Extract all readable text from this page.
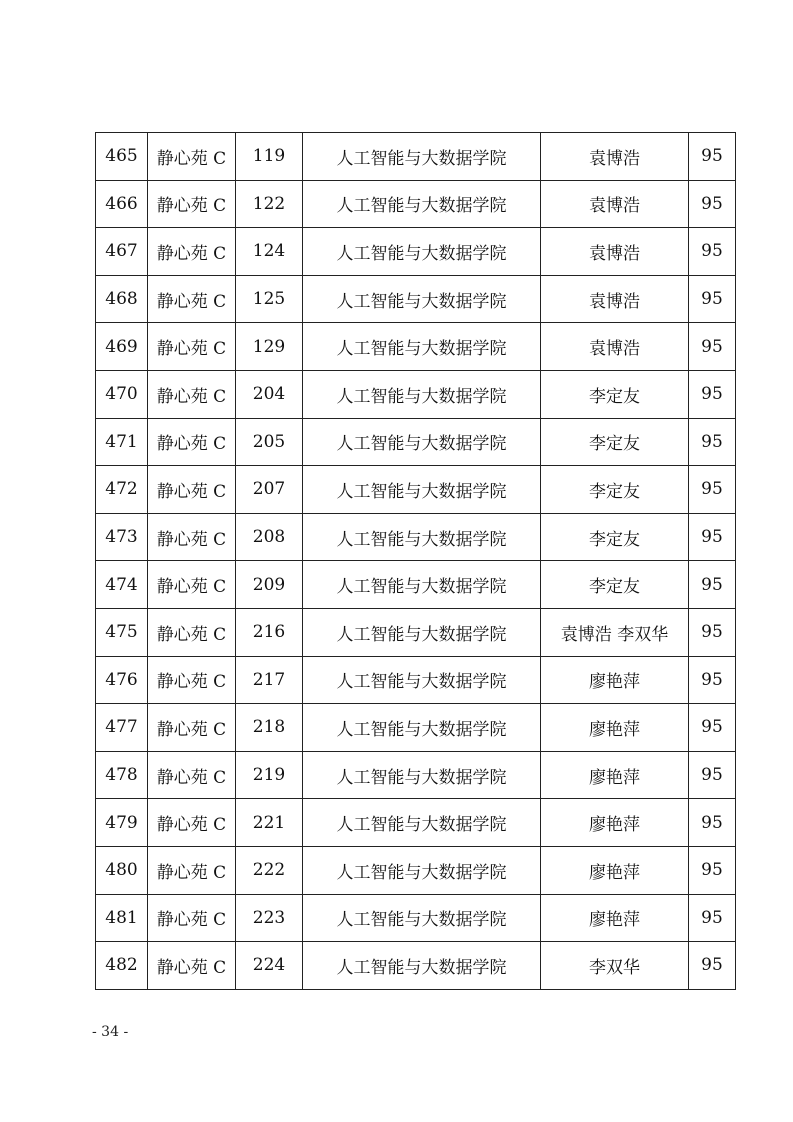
465	静心苑 C	119	人工智能与大数据学院	袁博浩	95
466	静心苑 C	122	人工智能与大数据学院	袁博浩	95
467	静心苑 C	124	人工智能与大数据学院	袁博浩	95
468	静心苑 C	125	人工智能与大数据学院	袁博浩	95
469	静心苑 C	129	人工智能与大数据学院	袁博浩	95
470	静心苑 C	204	人工智能与大数据学院	李定友	95
471	静心苑 C	205	人工智能与大数据学院	李定友	95
472	静心苑 C	207	人工智能与大数据学院	李定友	95
473	静心苑 C	208	人工智能与大数据学院	李定友	95
474	静心苑 C	209	人工智能与大数据学院	李定友	95
475	静心苑 C	216	人工智能与大数据学院	袁博浩 李双华	95
476	静心苑 C	217	人工智能与大数据学院	廖艳萍	95
477	静心苑 C	218	人工智能与大数据学院	廖艳萍	95
478	静心苑 C	219	人工智能与大数据学院	廖艳萍	95
479	静心苑 C	221	人工智能与大数据学院	廖艳萍	95
480	静心苑 C	222	人工智能与大数据学院	廖艳萍	95
481	静心苑 C	223	人工智能与大数据学院	廖艳萍	95
482	静心苑 C	224	人工智能与大数据学院	李双华	95
- 34 -
